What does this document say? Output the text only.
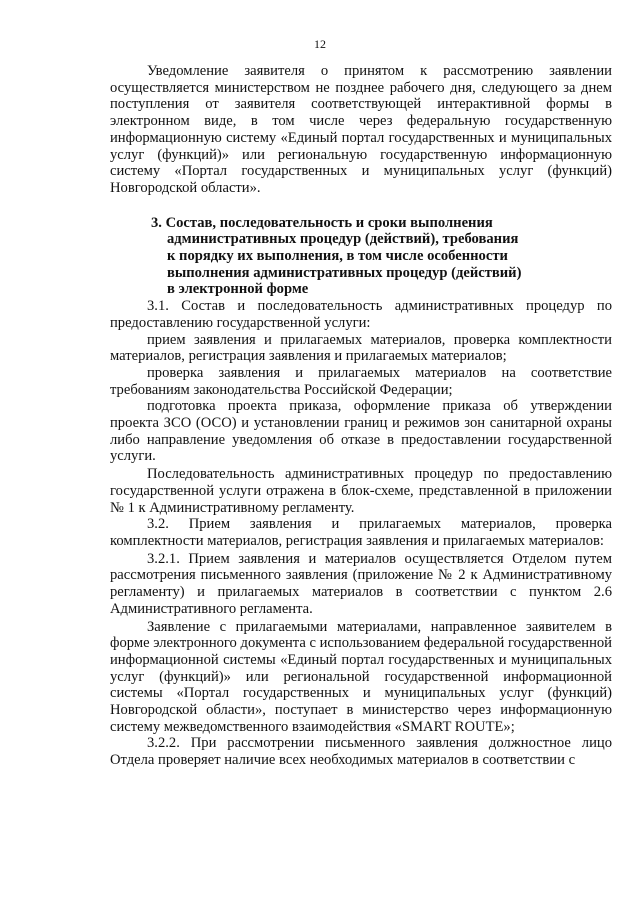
12

Уведомление заявителя о принятом к рассмотрению заявлении осуществляется министерством не позднее рабочего дня, следующего за днем поступления от заявителя соответствующей интерактивной формы в электронном виде, в том числе через федеральную государственную информационную систему «Единый портал государственных и муниципальных услуг (функций)» или региональную государственную информационную систему «Портал государственных и муниципальных услуг (функций) Новгородской области».

3. Состав, последовательность и сроки выполнения
административных процедур (действий), требования
к порядку их выполнения, в том числе особенности
выполнения административных процедур (действий)
в электронной форме

3.1. Состав и последовательность административных процедур по предоставлению государственной услуги:

прием заявления и прилагаемых материалов, проверка комплектности материалов, регистрация заявления и прилагаемых материалов;

проверка заявления и прилагаемых материалов на соответствие требованиям законодательства Российской Федерации;

подготовка проекта приказа, оформление приказа об утверждении проекта ЗСО (ОСО) и установлении границ и режимов зон санитарной охраны либо направление уведомления об отказе в предоставлении государственной услуги.

Последовательность административных процедур по предоставлению государственной услуги отражена в блок-схеме, представленной в приложении № 1 к Административному регламенту.

3.2. Прием заявления и прилагаемых материалов, проверка комплектности материалов, регистрация заявления и прилагаемых материалов:

3.2.1. Прием заявления и материалов осуществляется Отделом путем рассмотрения письменного заявления (приложение № 2 к Административному регламенту) и прилагаемых материалов в соответствии с пунктом 2.6 Административного регламента.

Заявление с прилагаемыми материалами, направленное заявителем в форме электронного документа с использованием федеральной государственной информационной системы «Единый портал государственных и муниципальных услуг (функций)» или региональной государственной информационной системы «Портал государственных и муниципальных услуг (функций) Новгородской области», поступает в министерство через информационную систему межведомственного взаимодействия «SMART ROUTE»;

3.2.2. При рассмотрении письменного заявления должностное лицо Отдела проверяет наличие всех необходимых материалов в соответствии с
